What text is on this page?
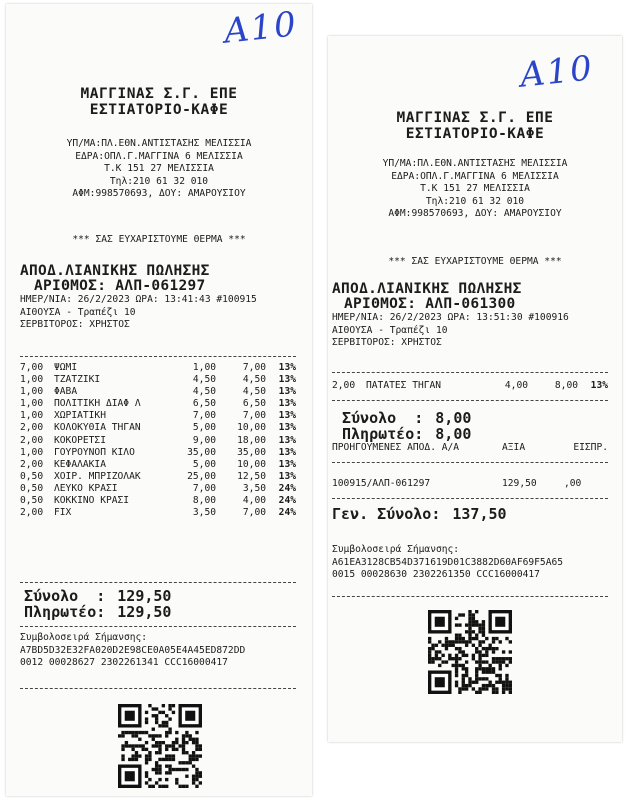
A10
ΜΑΓΓΙΝΑΣ Σ.Γ. ΕΠΕ
ΕΣΤΙΑΤΟΡΙΟ-ΚΑΦΕ
ΥΠ/ΜΑ:ΠΛ.ΕΘΝ.ΑΝΤΙΣΤΑΣΗΣ ΜΕΛΙΣΣΙΑ
ΕΔΡΑ:ΟΠΛ.Γ.ΜΑΓΓΙΝΑ 6 ΜΕΛΙΣΣΙΑ
Τ.Κ 151 27 ΜΕΛΙΣΣΙΑ
Τηλ:210 61 32 010
ΑΦΜ:998570693, ΔΟΥ: ΑΜΑΡΟΥΣΙΟΥ
*** ΣΑΣ ΕΥΧΑΡΙΣΤΟΥΜΕ ΘΕΡΜΑ ***
ΑΠΟΔ.ΛΙΑΝΙΚΗΣ ΠΩΛΗΣΗΣ
ΑΡΙΘΜΟΣ: ΑΛΠ-061297
ΗΜΕΡ/ΝΙΑ: 26/2/2023 ΩΡΑ: 13:41:43 #100915
ΑΙΘΟΥΣΑ - Τραπέζι 10
ΣΕΡΒΙΤΟΡΟΣ: ΧΡΗΣΤΟΣ
7,00	ΨΩΜΙ	1,00	7,00	13%
1,00	ΤΖΑΤΖΙΚΙ	4,50	4,50	13%
1,00	ΦΑΒΑ	4,50	4,50	13%
1,00	ΠΟΛΙΤΙΚΗ ΔΙΑΦ Λ	6,50	6,50	13%
1,00	ΧΩΡΙΑΤΙΚΗ	7,00	7,00	13%
2,00	ΚΟΛΟΚΥΘΙΑ ΤΗΓΑΝ	5,00	10,00	13%
2,00	ΚΟΚΟΡΕΤΣΙ	9,00	18,00	13%
1,00	ΓΟΥΡΟΥΝΟΠ ΚΙΛΟ	35,00	35,00	13%
2,00	ΚΕΦΑΛΑΚΙΑ	5,00	10,00	13%
0,50	ΧΟΙΡ. ΜΠΡΙΖΟΛΑΚ	25,00	12,50	13%
0,50	ΛΕΥΚΟ ΚΡΑΣΙ	7,00	3,50	24%
0,50	ΚΟΚΚΙΝΟ ΚΡΑΣΙ	8,00	4,00	24%
2,00	FIX	3,50	7,00	24%
Σύνολο  : 129,50
Πληρωτέο: 129,50
Συμβολοσειρά Σήμανσης:
A7BD5D32E32FA020D2E98CE0A05E4A45ED872DD
0012 00028627 2302261341 CCC16000417
A10
ΜΑΓΓΙΝΑΣ Σ.Γ. ΕΠΕ
ΕΣΤΙΑΤΟΡΙΟ-ΚΑΦΕ
ΥΠ/ΜΑ:ΠΛ.ΕΘΝ.ΑΝΤΙΣΤΑΣΗΣ ΜΕΛΙΣΣΙΑ
ΕΔΡΑ:ΟΠΛ.Γ.ΜΑΓΓΙΝΑ 6 ΜΕΛΙΣΣΙΑ
Τ.Κ 151 27 ΜΕΛΙΣΣΙΑ
Τηλ:210 61 32 010
ΑΦΜ:998570693, ΔΟΥ: ΑΜΑΡΟΥΣΙΟΥ
*** ΣΑΣ ΕΥΧΑΡΙΣΤΟΥΜΕ ΘΕΡΜΑ ***
ΑΠΟΔ.ΛΙΑΝΙΚΗΣ ΠΩΛΗΣΗΣ
ΑΡΙΘΜΟΣ: ΑΛΠ-061300
ΗΜΕΡ/ΝΙΑ: 26/2/2023 ΩΡΑ: 13:51:30 #100916
ΑΙΘΟΥΣΑ - Τραπέζι 10
ΣΕΡΒΙΤΟΡΟΣ: ΧΡΗΣΤΟΣ
2,00	ΠΑΤΑΤΕΣ ΤΗΓΑΝ	4,00	8,00	13%
Σύνολο  : 8,00
Πληρωτέο: 8,00
ΠΡΟΗΓΟΥΜΕΝΕΣ ΑΠΟΔ. Α/Α	ΑΞΙΑ	ΕΙΣΠΡ.
100915/ΑΛΠ-061297	129,50	,00
Γεν. Σύνολο: 137,50
Συμβολοσειρά Σήμανσης:
A61EA3128CB54D371619D01C3882D60AF69F5A65
0015 00028630 2302261350 CCC16000417
